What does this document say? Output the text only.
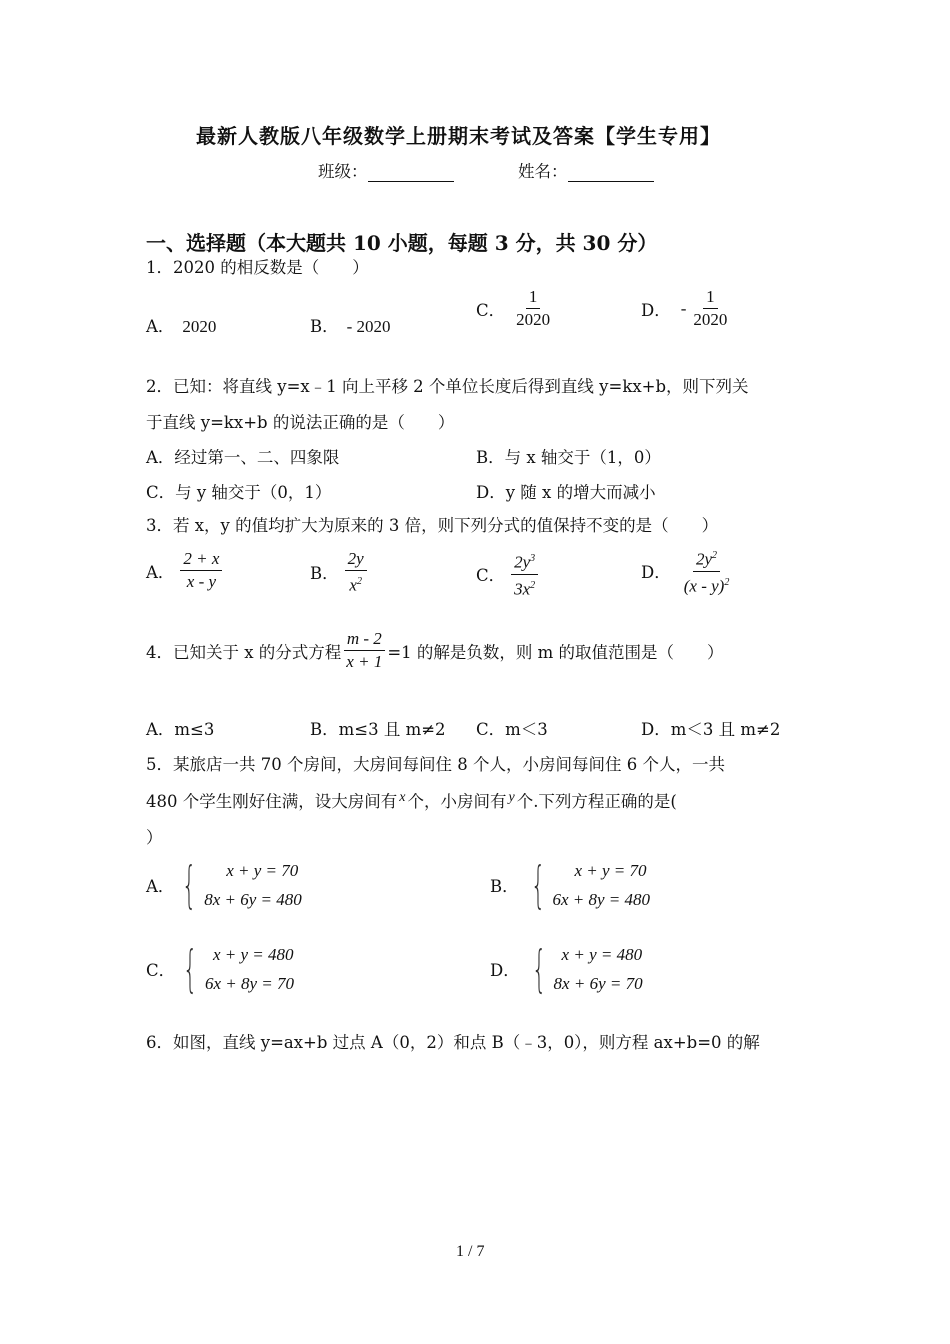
最新人教版八年级数学上册期末考试及答案【学生专用】
班级：	姓名：
一、选择题（本大题共 10 小题，每题 3 分，共 30 分）
1．2020 的相反数是（　　）
A． 2020	B． - 2020
C． $\frac{1}{2020}$	D． - $\frac{1}{2020}$
2．已知：将直线 y=x﹣1 向上平移 2 个单位长度后得到直线 y=kx+b，则下列关
于直线 y=kx+b 的说法正确的是（　　）
A．经过第一、二、四象限	B．与 x 轴交于（1，0）
C．与 y 轴交于（0，1）	D．y 随 x 的增大而减小
3．若 x，y 的值均扩大为原来的 3 倍，则下列分式的值保持不变的是（　　）
A． $\frac{2 + x}{x - y}$	B． $\frac{2y}{x^2}$	C． $\frac{2y^3}{3x^2}$	D． $\frac{2y^2}{(x - y)^2}$
4．已知关于 x 的分式方程 $\frac{m - 2}{x + 1} =1$ 的解是负数，则 m 的取值范围是（　　）
A．m≤3	B．m≤3 且 m≠2 C．m＜3	D．m＜3 且 m≠2
5．某旅店一共 70 个房间，大房间每间住 8 个人，小房间每间住 6 个人，一共
480 个学生刚好住满，设大房间有 $^x$ 个，小房间有 $^y$ 个.下列方程正确的是(
）
A． { x + y = 70
8x + 6y = 480
B． { x + y = 70
6x + 8y = 480
C． { x + y = 480
6x + 8y = 70
D． { x + y = 480
8x + 6y = 70
6．如图，直线 y=ax+b 过点 A（0，2）和点 B（﹣3，0），则方程 ax+b=0 的解
1 / 7
